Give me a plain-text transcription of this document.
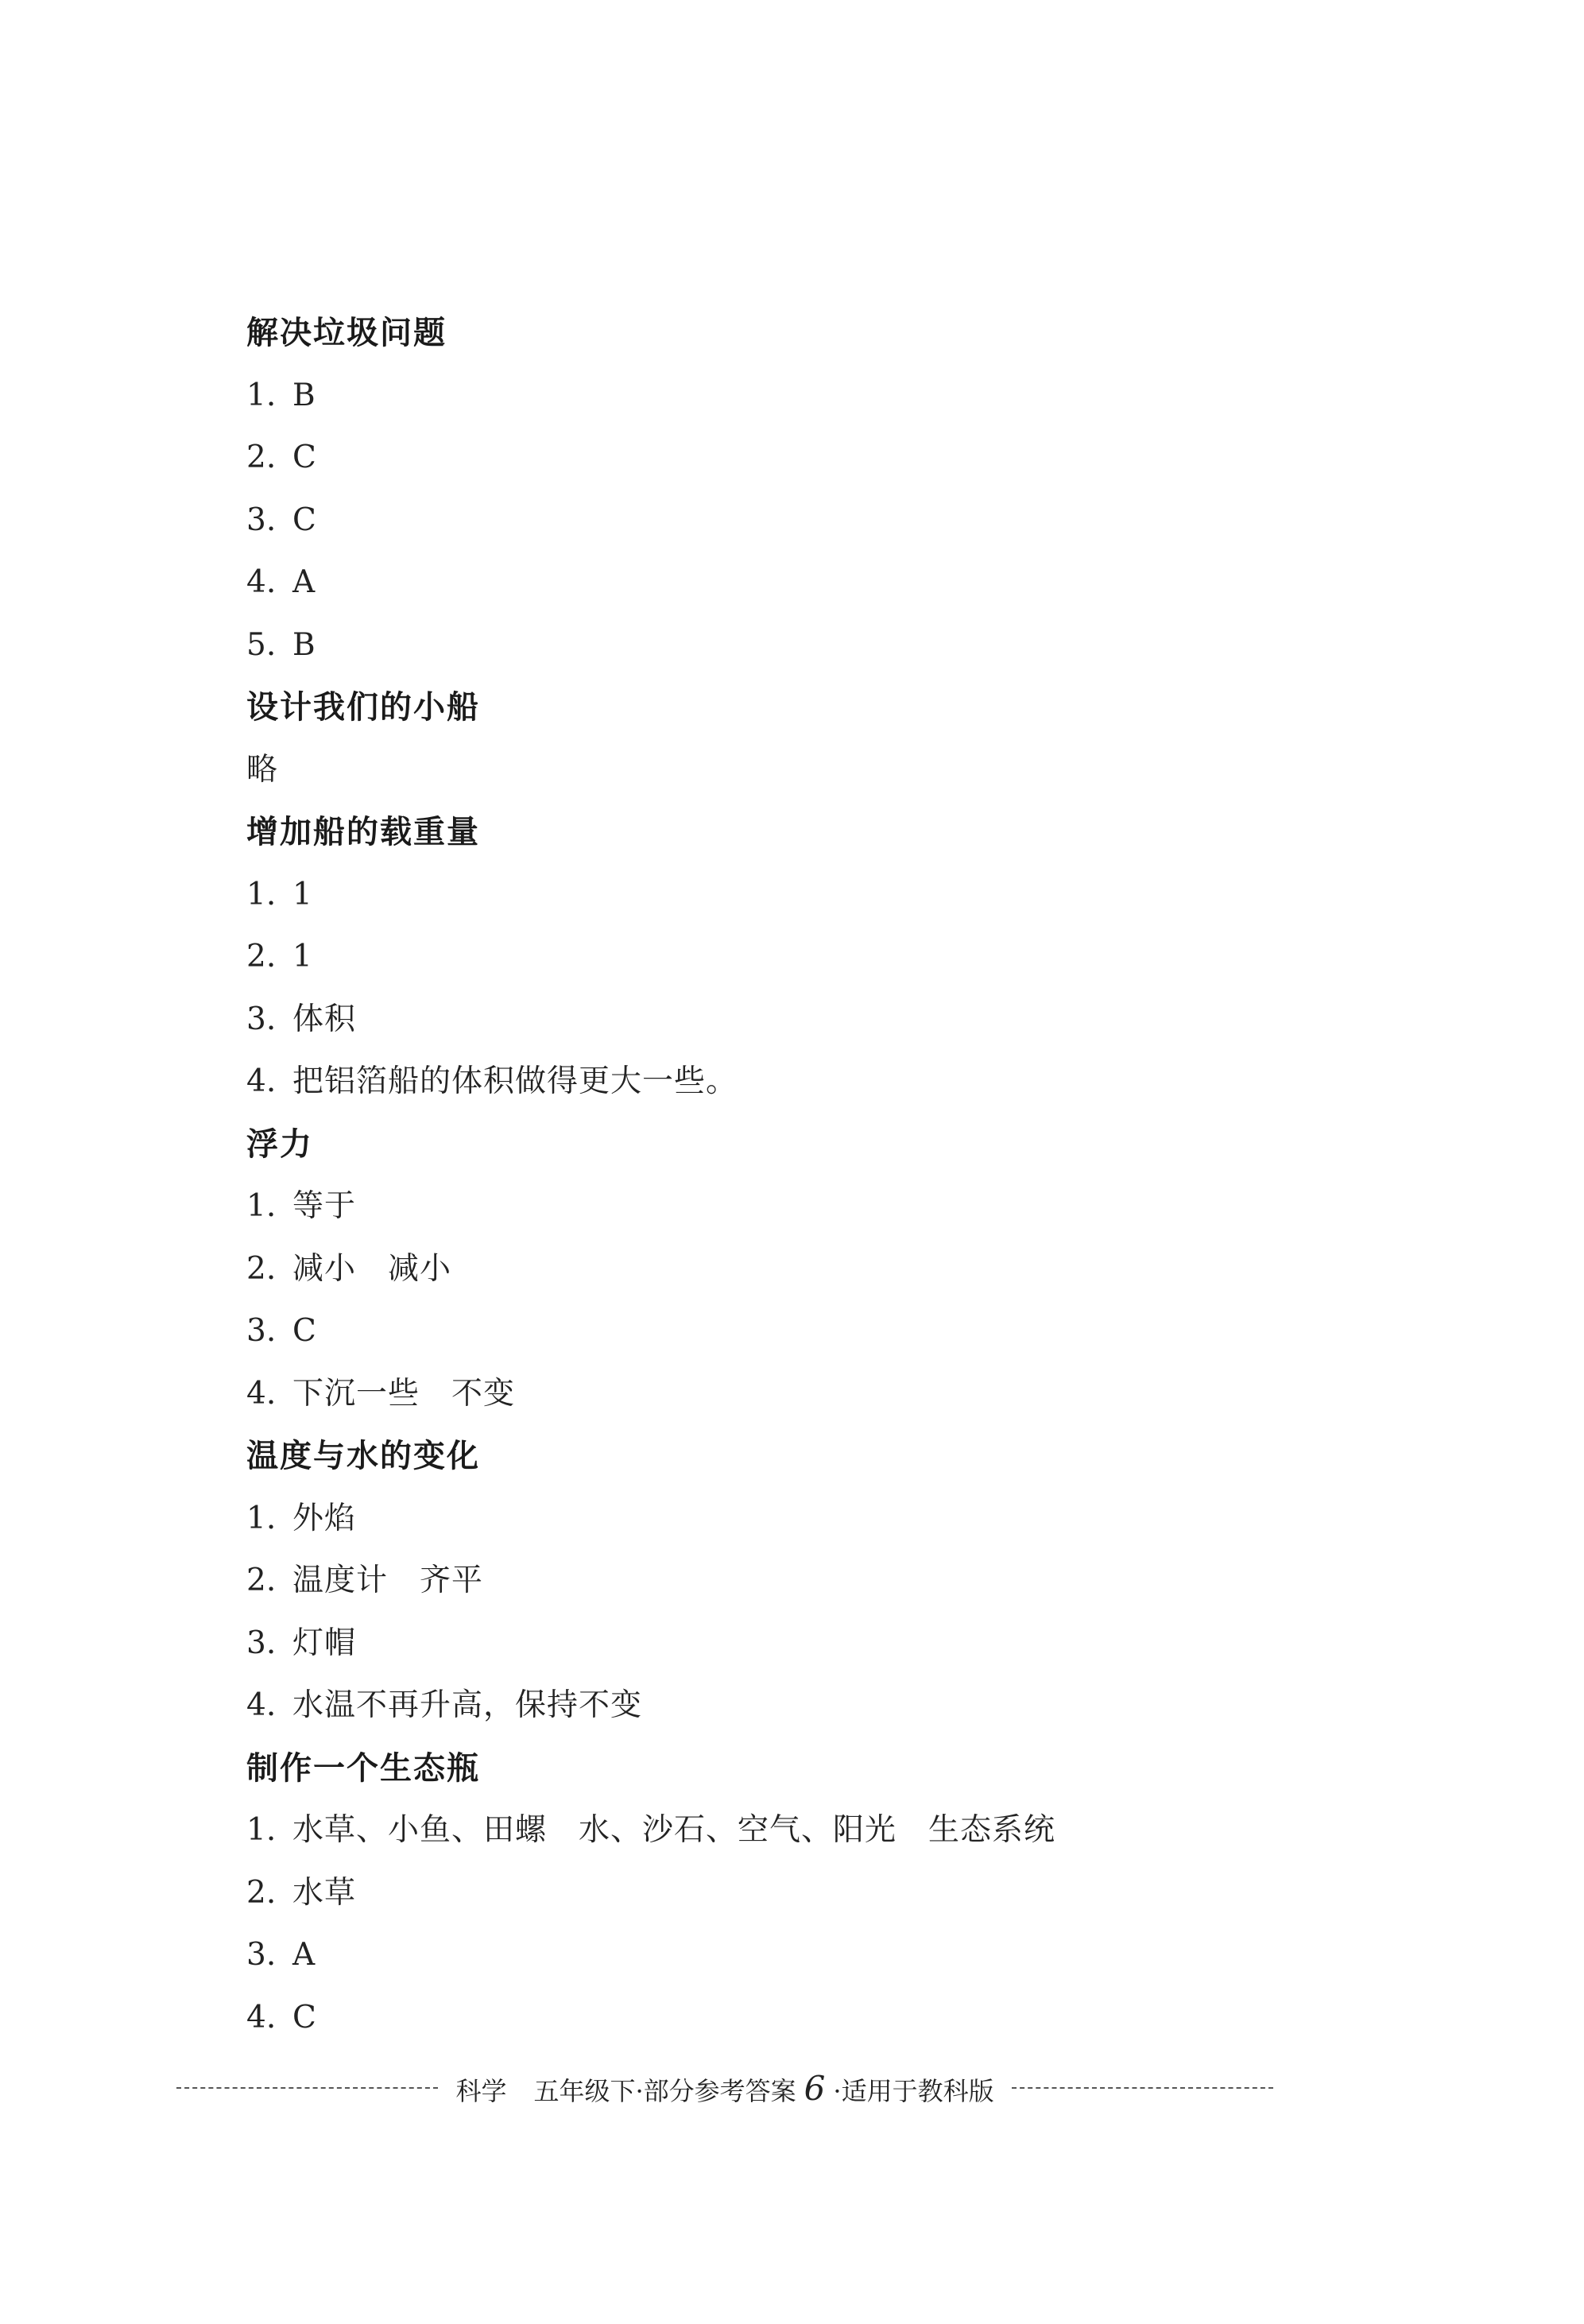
解决垃圾问题
1. B
2. C
3. C
4. A
5. B
设计我们的小船
略
增加船的载重量
1. 1
2. 1
3. 体积
4. 把铝箔船的体积做得更大一些。
浮力
1. 等于
2. 减小　减小
3. C
4. 下沉一些　不变
温度与水的变化
1. 外焰
2. 温度计　齐平
3. 灯帽
4. 水温不再升高，保持不变
制作一个生态瓶
1. 水草、小鱼、田螺　水、沙石、空气、阳光　生态系统
2. 水草
3. A
4. C
科学 五年级下· 部分参考答案 6 ·适用于教科版
